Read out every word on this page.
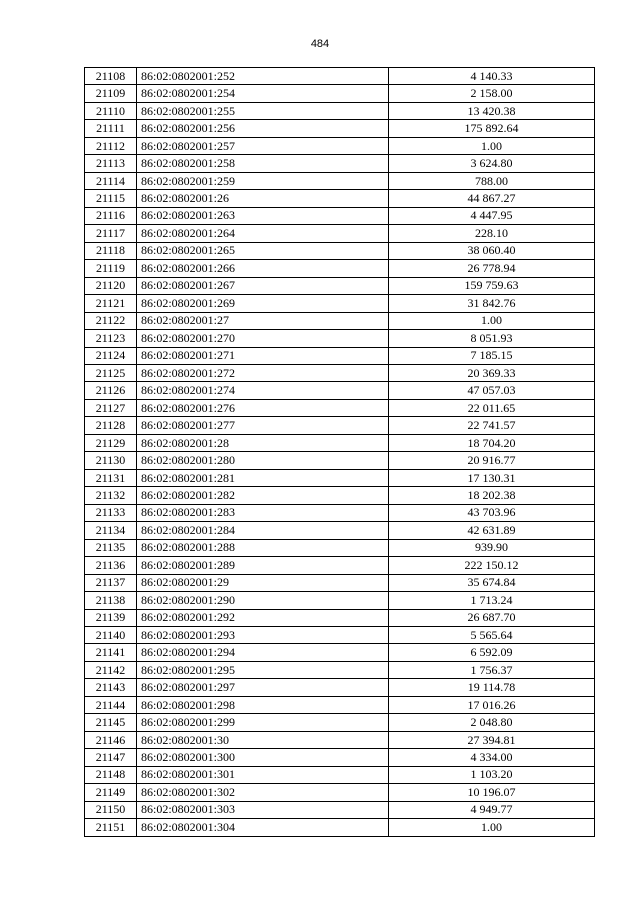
484
21108	86:02:0802001:252	4 140.33
21109	86:02:0802001:254	2 158.00
21110	86:02:0802001:255	13 420.38
21111	86:02:0802001:256	175 892.64
21112	86:02:0802001:257	1.00
21113	86:02:0802001:258	3 624.80
21114	86:02:0802001:259	788.00
21115	86:02:0802001:26	44 867.27
21116	86:02:0802001:263	4 447.95
21117	86:02:0802001:264	228.10
21118	86:02:0802001:265	38 060.40
21119	86:02:0802001:266	26 778.94
21120	86:02:0802001:267	159 759.63
21121	86:02:0802001:269	31 842.76
21122	86:02:0802001:27	1.00
21123	86:02:0802001:270	8 051.93
21124	86:02:0802001:271	7 185.15
21125	86:02:0802001:272	20 369.33
21126	86:02:0802001:274	47 057.03
21127	86:02:0802001:276	22 011.65
21128	86:02:0802001:277	22 741.57
21129	86:02:0802001:28	18 704.20
21130	86:02:0802001:280	20 916.77
21131	86:02:0802001:281	17 130.31
21132	86:02:0802001:282	18 202.38
21133	86:02:0802001:283	43 703.96
21134	86:02:0802001:284	42 631.89
21135	86:02:0802001:288	939.90
21136	86:02:0802001:289	222 150.12
21137	86:02:0802001:29	35 674.84
21138	86:02:0802001:290	1 713.24
21139	86:02:0802001:292	26 687.70
21140	86:02:0802001:293	5 565.64
21141	86:02:0802001:294	6 592.09
21142	86:02:0802001:295	1 756.37
21143	86:02:0802001:297	19 114.78
21144	86:02:0802001:298	17 016.26
21145	86:02:0802001:299	2 048.80
21146	86:02:0802001:30	27 394.81
21147	86:02:0802001:300	4 334.00
21148	86:02:0802001:301	1 103.20
21149	86:02:0802001:302	10 196.07
21150	86:02:0802001:303	4 949.77
21151	86:02:0802001:304	1.00
